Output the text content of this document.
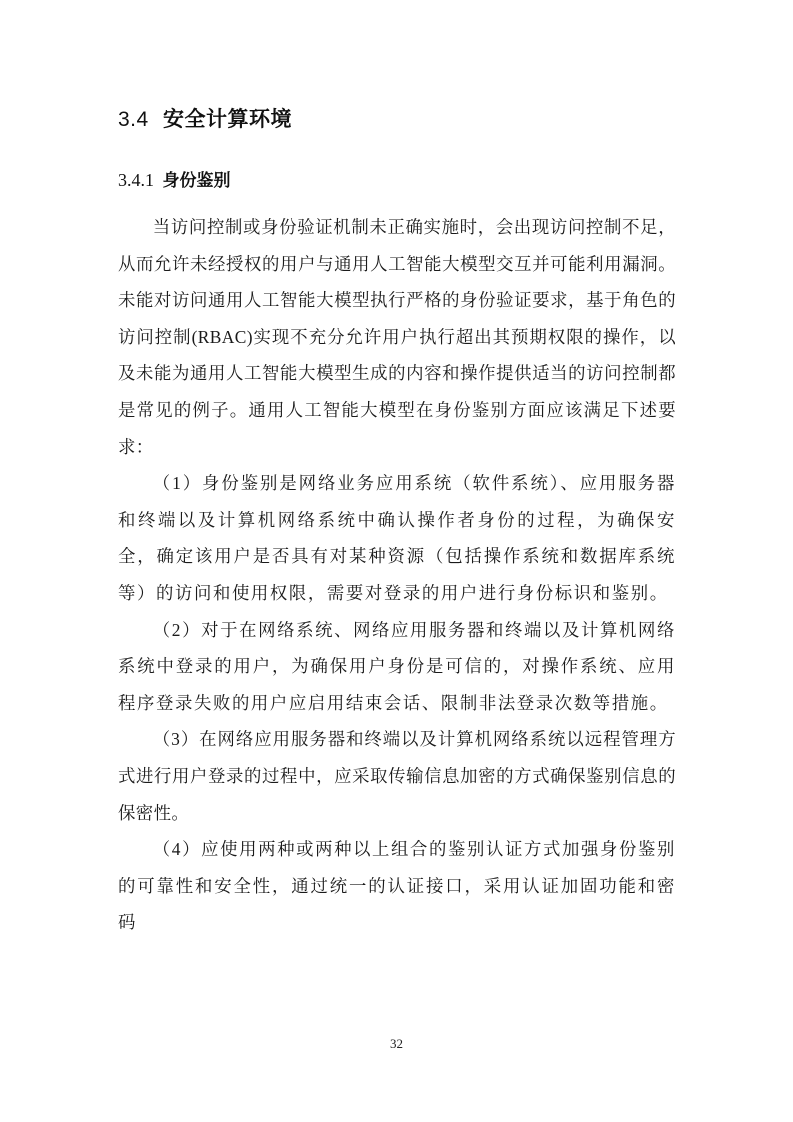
3.4 安全计算环境
3.4.1 身份鉴别

当访问控制或身份验证机制未正确实施时，会出现访问控制不足，从而允许未经授权的用户与通用人工智能大模型交互并可能利用漏洞。未能对访问通用人工智能大模型执行严格的身份验证要求，基于角色的访问控制(RBAC)实现不充分允许用户执行超出其预期权限的操作，以及未能为通用人工智能大模型生成的内容和操作提供适当的访问控制都是常见的例子。通用人工智能大模型在身份鉴别方面应该满足下述要求：

（1）身份鉴别是网络业务应用系统（软件系统）、应用服务器和终端以及计算机网络系统中确认操作者身份的过程，为确保安全，确定该用户是否具有对某种资源（包括操作系统和数据库系统等）的访问和使用权限，需要对登录的用户进行身份标识和鉴别。

（2）对于在网络系统、网络应用服务器和终端以及计算机网络系统中登录的用户，为确保用户身份是可信的，对操作系统、应用程序登录失败的用户应启用结束会话、限制非法登录次数等措施。

（3）在网络应用服务器和终端以及计算机网络系统以远程管理方式进行用户登录的过程中，应采取传输信息加密的方式确保鉴别信息的保密性。

（4）应使用两种或两种以上组合的鉴别认证方式加强身份鉴别的可靠性和安全性，通过统一的认证接口，采用认证加固功能和密码

32
